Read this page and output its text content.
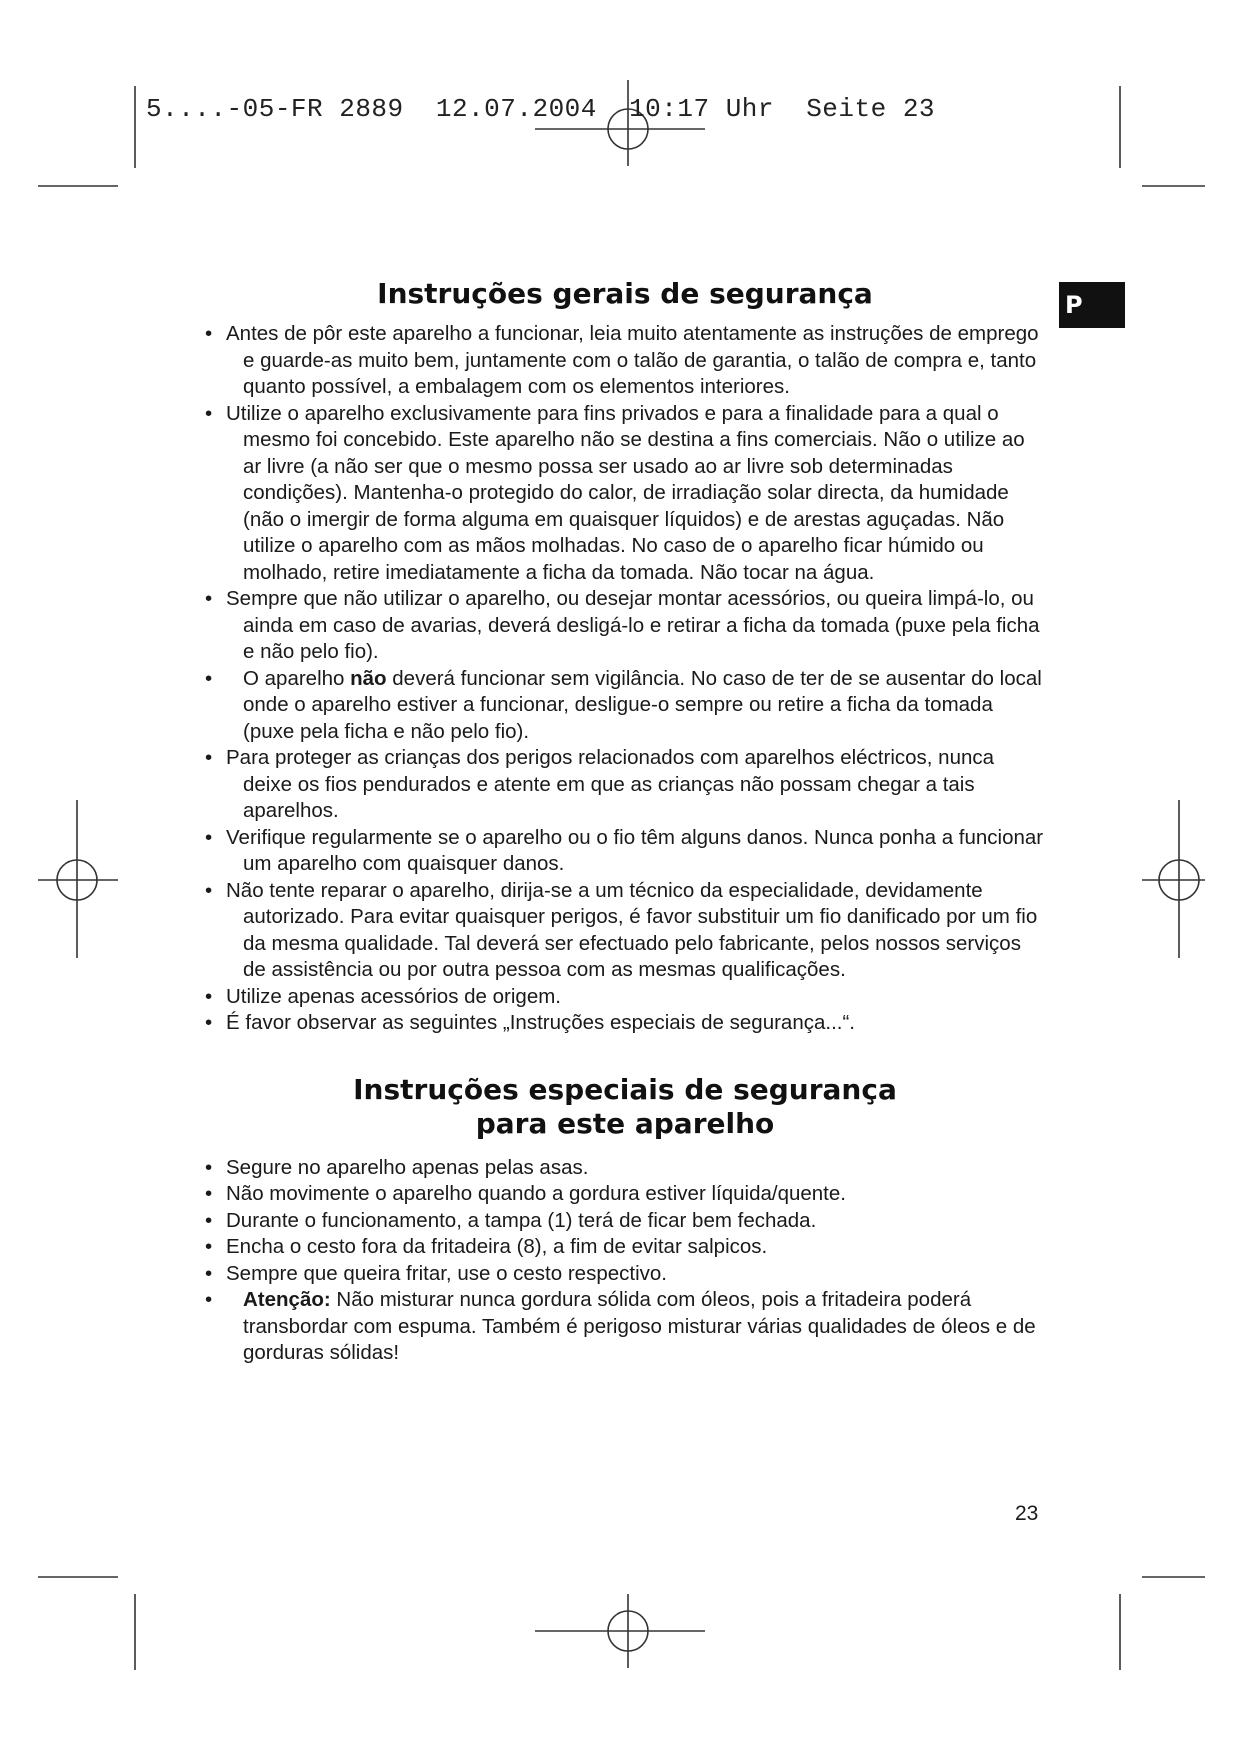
5....-05-FR 2889  12.07.2004  10:17 Uhr  Seite 23
P
Instruções gerais de segurança
• Antes de pôr este aparelho a funcionar, leia muito atentamente as instruções de emprego e guarde-as muito bem, juntamente com o talão de garantia, o talão de compra e, tanto quanto possível, a embalagem com os elementos interiores.
• Utilize o aparelho exclusivamente para fins privados e para a finalidade para a qual o mesmo foi concebido. Este aparelho não se destina a fins comerciais. Não o utilize ao ar livre (a não ser que o mesmo possa ser usado ao ar livre sob determinadas condições). Mantenha-o protegido do calor, de irradiação solar directa, da humidade (não o imergir de forma alguma em quaisquer líquidos) e de arestas aguçadas. Não utilize o aparelho com as mãos molhadas. No caso de o aparelho ficar húmido ou molhado, retire imediatamente a ficha da tomada. Não tocar na água.
• Sempre que não utilizar o aparelho, ou desejar montar acessórios, ou queira limpá-lo, ou ainda em caso de avarias, deverá desligá-lo e retirar a ficha da tomada (puxe pela ficha e não pelo fio).
• O aparelho não deverá funcionar sem vigilância. No caso de ter de se ausentar do local onde o aparelho estiver a funcionar, desligue-o sempre ou retire a ficha da tomada (puxe pela ficha e não pelo fio).
• Para proteger as crianças dos perigos relacionados com aparelhos eléctricos, nunca deixe os fios pendurados e atente em que as crianças não possam chegar a tais aparelhos.
• Verifique regularmente se o aparelho ou o fio têm alguns danos. Nunca ponha a funcionar um aparelho com quaisquer danos.
• Não tente reparar o aparelho, dirija-se a um técnico da especialidade, devidamente autorizado. Para evitar quaisquer perigos, é favor substituir um fio danificado por um fio da mesma qualidade. Tal deverá ser efectuado pelo fabricante, pelos nossos serviços de assistência ou por outra pessoa com as mesmas qualificações.
• Utilize apenas acessórios de origem.
• É favor observar as seguintes „Instruções especiais de segurança...“.
Instruções especiais de segurança
para este aparelho
• Segure no aparelho apenas pelas asas.
• Não movimente o aparelho quando a gordura estiver líquida/quente.
• Durante o funcionamento, a tampa (1) terá de ficar bem fechada.
• Encha o cesto fora da fritadeira (8), a fim de evitar salpicos.
• Sempre que queira fritar, use o cesto respectivo.
• Atenção: Não misturar nunca gordura sólida com óleos, pois a fritadeira poderá transbordar com espuma. Também é perigoso misturar várias qualidades de óleos e de gorduras sólidas!
23
